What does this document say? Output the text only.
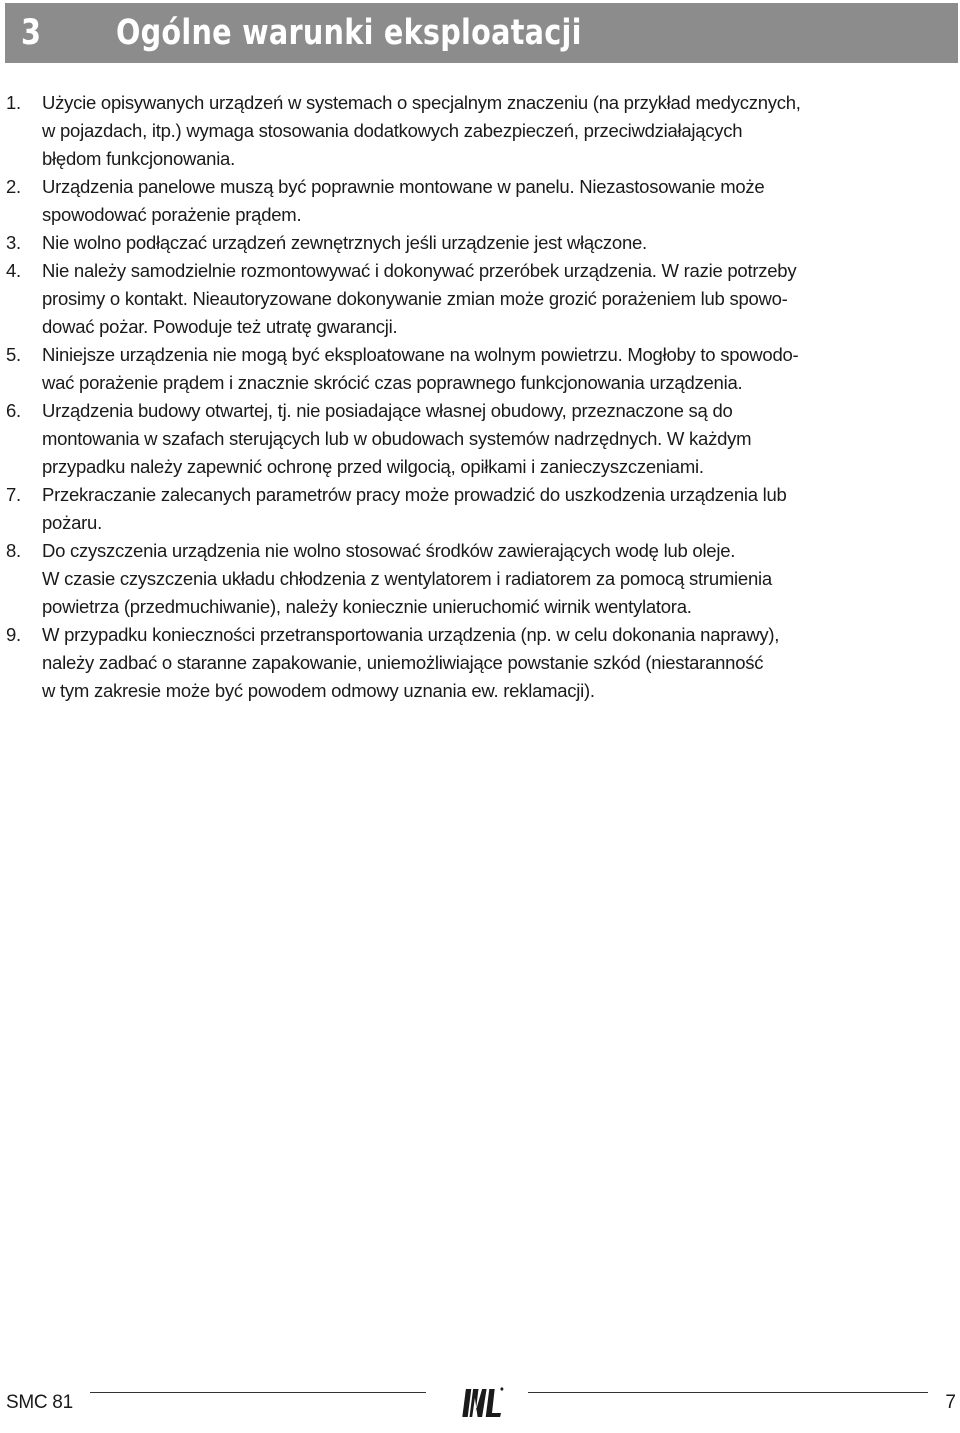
3	Ogólne warunki eksploatacji
1.	Użycie opisywanych urządzeń w systemach o specjalnym znaczeniu (na przykład medycznych,
w pojazdach, itp.) wymaga stosowania dodatkowych zabezpieczeń, przeciwdziałających
błędom funkcjonowania.
2.	Urządzenia panelowe muszą być poprawnie montowane w panelu. Niezastosowanie może
spowodować porażenie prądem.
3.	Nie wolno podłączać urządzeń zewnętrznych jeśli urządzenie jest włączone.
4.	Nie należy samodzielnie rozmontowywać i dokonywać przeróbek urządzenia. W razie potrzeby
prosimy o kontakt. Nieautoryzowane dokonywanie zmian może grozić porażeniem lub spowo-
dować pożar. Powoduje też utratę gwarancji.
5.	Niniejsze urządzenia nie mogą być eksploatowane na wolnym powietrzu. Mogłoby to spowodo-
wać porażenie prądem i znacznie skrócić czas poprawnego funkcjonowania urządzenia.
6.	Urządzenia budowy otwartej, tj. nie posiadające własnej obudowy, przeznaczone są do
montowania w szafach sterujących lub w obudowach systemów nadrzędnych. W każdym
przypadku należy zapewnić ochronę przed wilgocią, opiłkami i zanieczyszczeniami.
7.	Przekraczanie zalecanych parametrów pracy może prowadzić do uszkodzenia urządzenia lub
pożaru.
8.	Do czyszczenia urządzenia nie wolno stosować środków zawierających wodę lub oleje.
W czasie czyszczenia układu chłodzenia z wentylatorem i radiatorem za pomocą strumienia
powietrza (przedmuchiwanie), należy koniecznie unieruchomić wirnik wentylatora.
9.	W przypadku konieczności przetransportowania urządzenia (np. w celu dokonania naprawy),
należy zadbać o staranne zapakowanie, uniemożliwiające powstanie szkód (niestaranność
w tym zakresie może być powodem odmowy uznania ew. reklamacji).
SMC 81	7
